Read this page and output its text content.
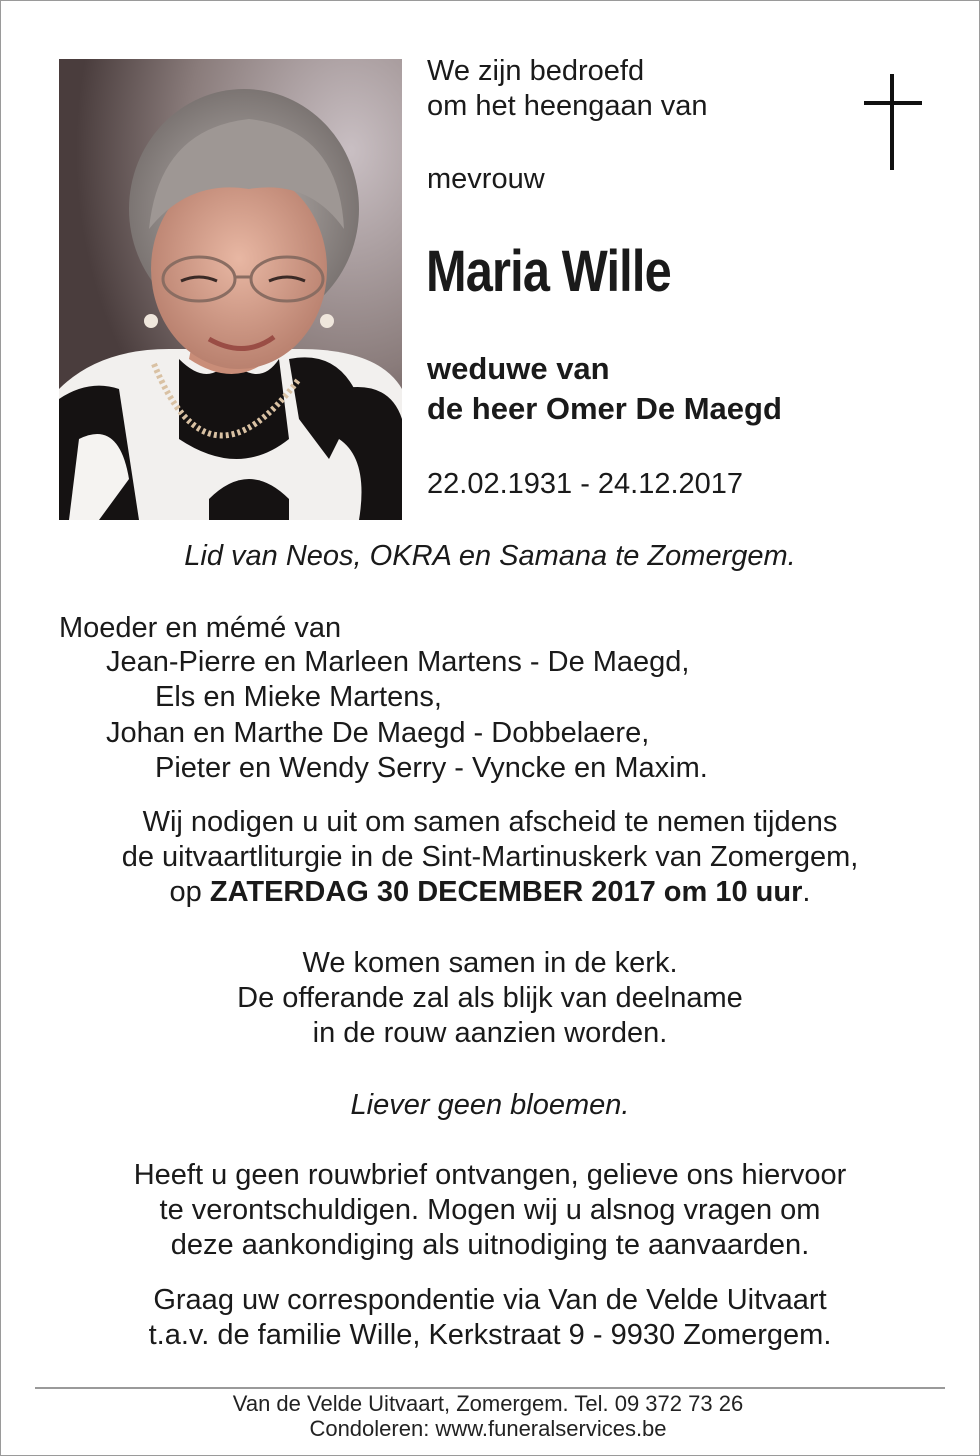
We zijn bedroefd

om het heengaan van

mevrouw

Maria Wille

weduwe van

de heer Omer De Maegd

22.02.1931 - 24.12.2017

Lid van Neos, OKRA en Samana te Zomergem.

Moeder en mémé van

Jean-Pierre en Marleen Martens - De Maegd,

Els en Mieke Martens,

Johan en Marthe De Maegd - Dobbelaere,

Pieter en Wendy Serry - Vyncke en Maxim.

Wij nodigen u uit om samen afscheid te nemen tijdens

de uitvaartliturgie in de Sint-Martinuskerk van Zomergem,

op ZATERDAG 30 DECEMBER 2017 om 10 uur.

We komen samen in de kerk.

De offerande zal als blijk van deelname

in de rouw aanzien worden.

Liever geen bloemen.

Heeft u geen rouwbrief ontvangen, gelieve ons hiervoor

te verontschuldigen. Mogen wij u alsnog vragen om

deze aankondiging als uitnodiging te aanvaarden.

Graag uw correspondentie via Van de Velde Uitvaart

t.a.v. de familie Wille, Kerkstraat 9 - 9930 Zomergem.

Van de Velde Uitvaart, Zomergem. Tel. 09 372 73 26

Condoleren: www.funeralservices.be
